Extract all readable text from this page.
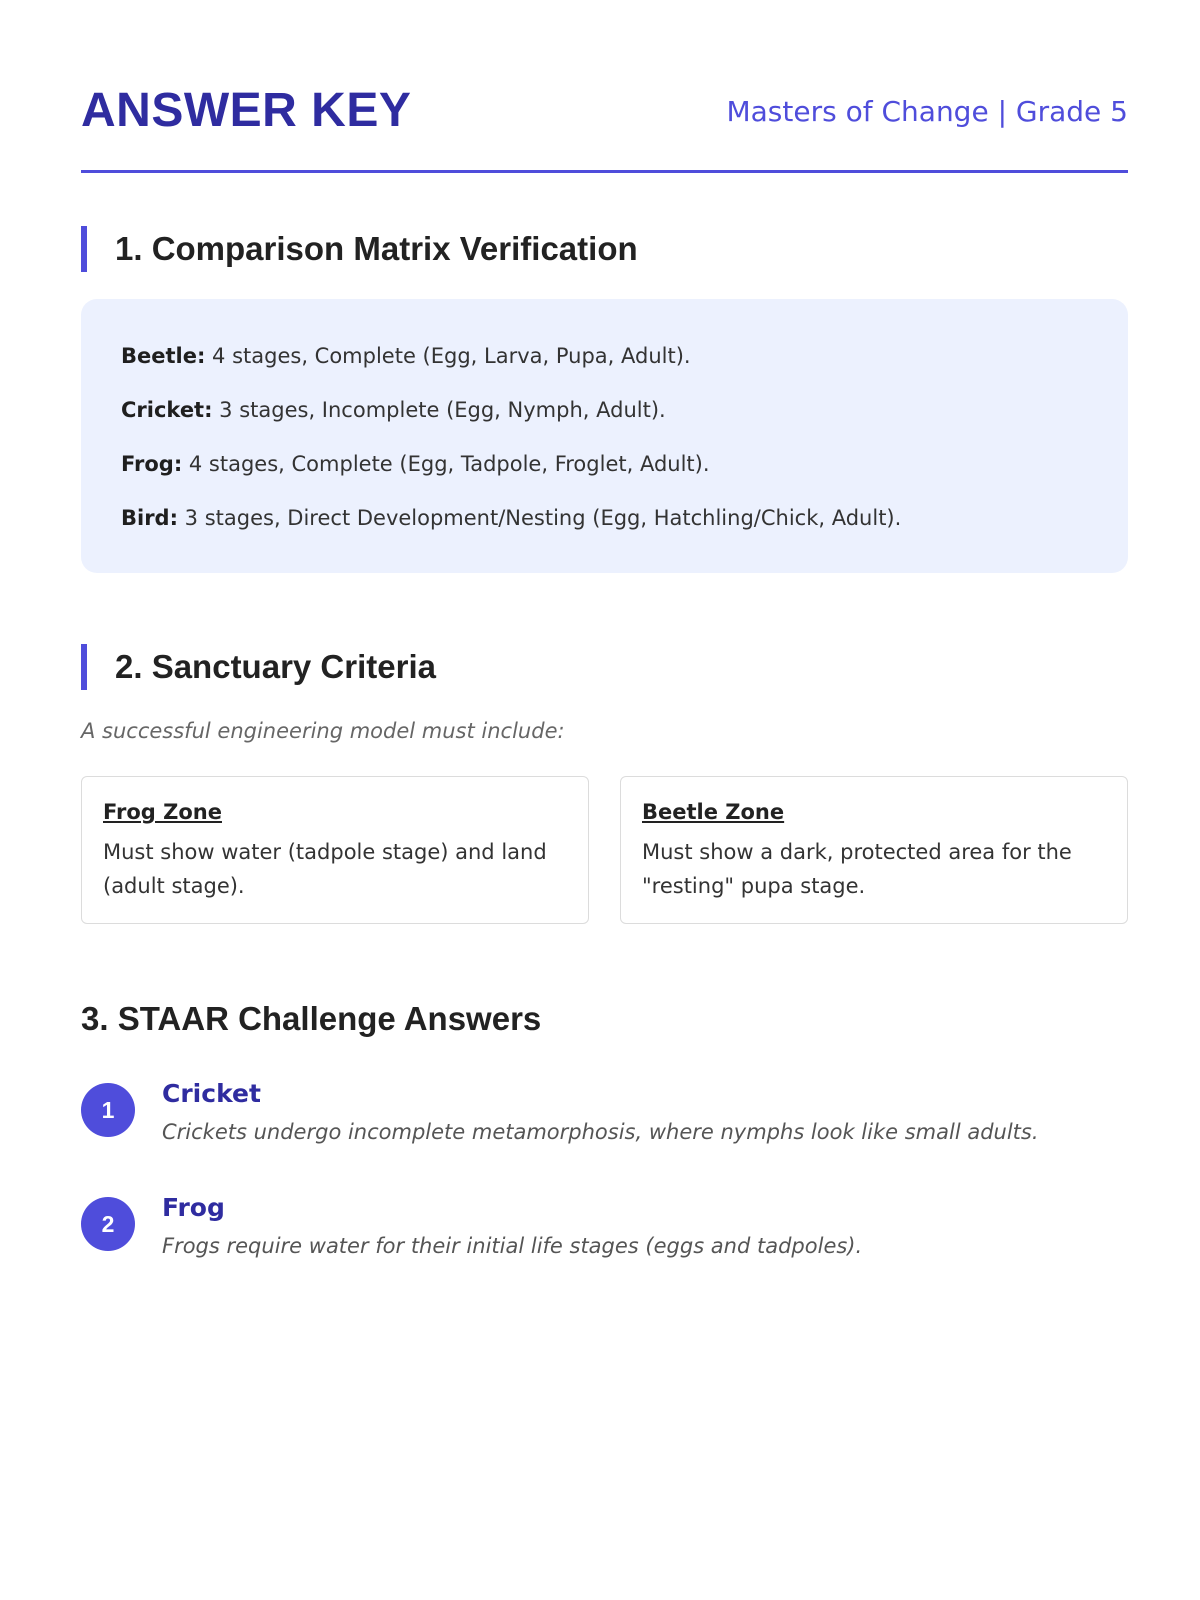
ANSWER KEY	Masters of Change | Grade 5
1. Comparison Matrix Verification
Beetle: 4 stages, Complete (Egg, Larva, Pupa, Adult).
Cricket: 3 stages, Incomplete (Egg, Nymph, Adult).
Frog: 4 stages, Complete (Egg, Tadpole, Froglet, Adult).
Bird: 3 stages, Direct Development/Nesting (Egg, Hatchling/Chick, Adult).
2. Sanctuary Criteria
A successful engineering model must include:
Frog Zone
Must show water (tadpole stage) and land (adult stage).
Beetle Zone
Must show a dark, protected area for the "resting" pupa stage.
3. STAAR Challenge Answers
1
Cricket
Crickets undergo incomplete metamorphosis, where nymphs look like small adults.
2
Frog
Frogs require water for their initial life stages (eggs and tadpoles).
